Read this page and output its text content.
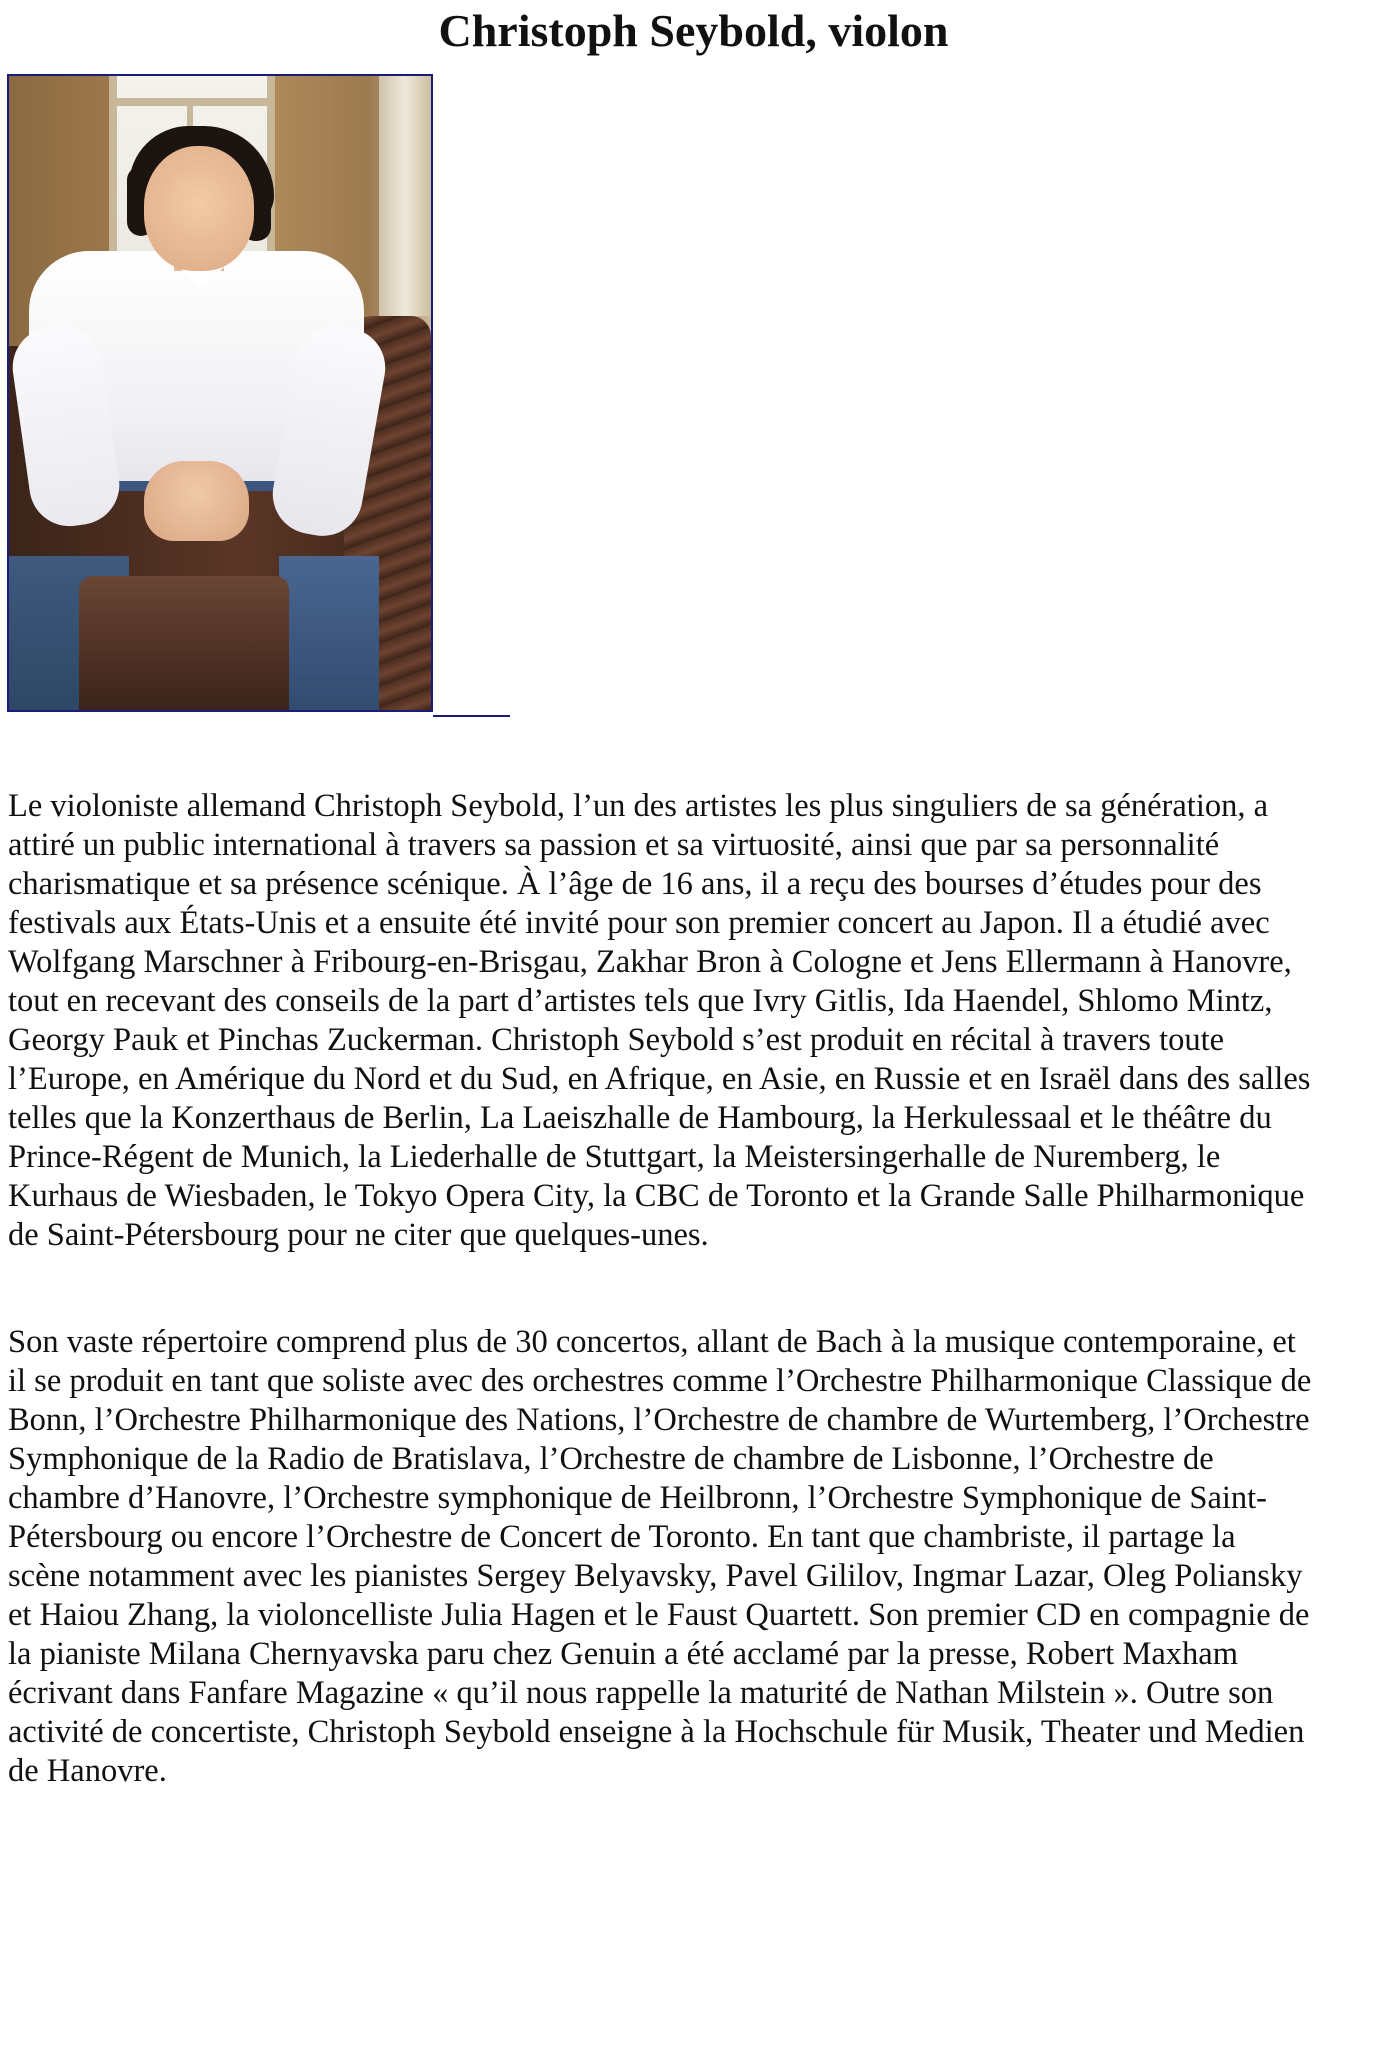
Christoph Seybold, violon

Le violoniste allemand Christoph Seybold, l’un des artistes les plus singuliers de sa génération, a
attiré un public international à travers sa passion et sa virtuosité, ainsi que par sa personnalité
charismatique et sa présence scénique. À l’âge de 16 ans, il a reçu des bourses d’études pour des
festivals aux États-Unis et a ensuite été invité pour son premier concert au Japon. Il a étudié avec
Wolfgang Marschner à Fribourg-en-Brisgau, Zakhar Bron à Cologne et Jens Ellermann à Hanovre,
tout en recevant des conseils de la part d’artistes tels que Ivry Gitlis, Ida Haendel, Shlomo Mintz,
Georgy Pauk et Pinchas Zuckerman. Christoph Seybold s’est produit en récital à travers toute
l’Europe, en Amérique du Nord et du Sud, en Afrique, en Asie, en Russie et en Israël dans des salles
telles que la Konzerthaus de Berlin, La Laeiszhalle de Hambourg, la Herkulessaal et le théâtre du
Prince-Régent de Munich, la Liederhalle de Stuttgart, la Meistersingerhalle de Nuremberg, le
Kurhaus de Wiesbaden, le Tokyo Opera City, la CBC de Toronto et la Grande Salle Philharmonique
de Saint-Pétersbourg pour ne citer que quelques-unes.

Son vaste répertoire comprend plus de 30 concertos, allant de Bach à la musique contemporaine, et
il se produit en tant que soliste avec des orchestres comme l’Orchestre Philharmonique Classique de
Bonn, l’Orchestre Philharmonique des Nations, l’Orchestre de chambre de Wurtemberg, l’Orchestre
Symphonique de la Radio de Bratislava, l’Orchestre de chambre de Lisbonne, l’Orchestre de
chambre d’Hanovre, l’Orchestre symphonique de Heilbronn, l’Orchestre Symphonique de Saint-
Pétersbourg ou encore l’Orchestre de Concert de Toronto. En tant que chambriste, il partage la
scène notamment avec les pianistes Sergey Belyavsky, Pavel Gililov, Ingmar Lazar, Oleg Poliansky
et Haiou Zhang, la violoncelliste Julia Hagen et le Faust Quartett. Son premier CD en compagnie de
la pianiste Milana Chernyavska paru chez Genuin a été acclamé par la presse, Robert Maxham
écrivant dans Fanfare Magazine « qu’il nous rappelle la maturité de Nathan Milstein ». Outre son
activité de concertiste, Christoph Seybold enseigne à la Hochschule für Musik, Theater und Medien
de Hanovre.
